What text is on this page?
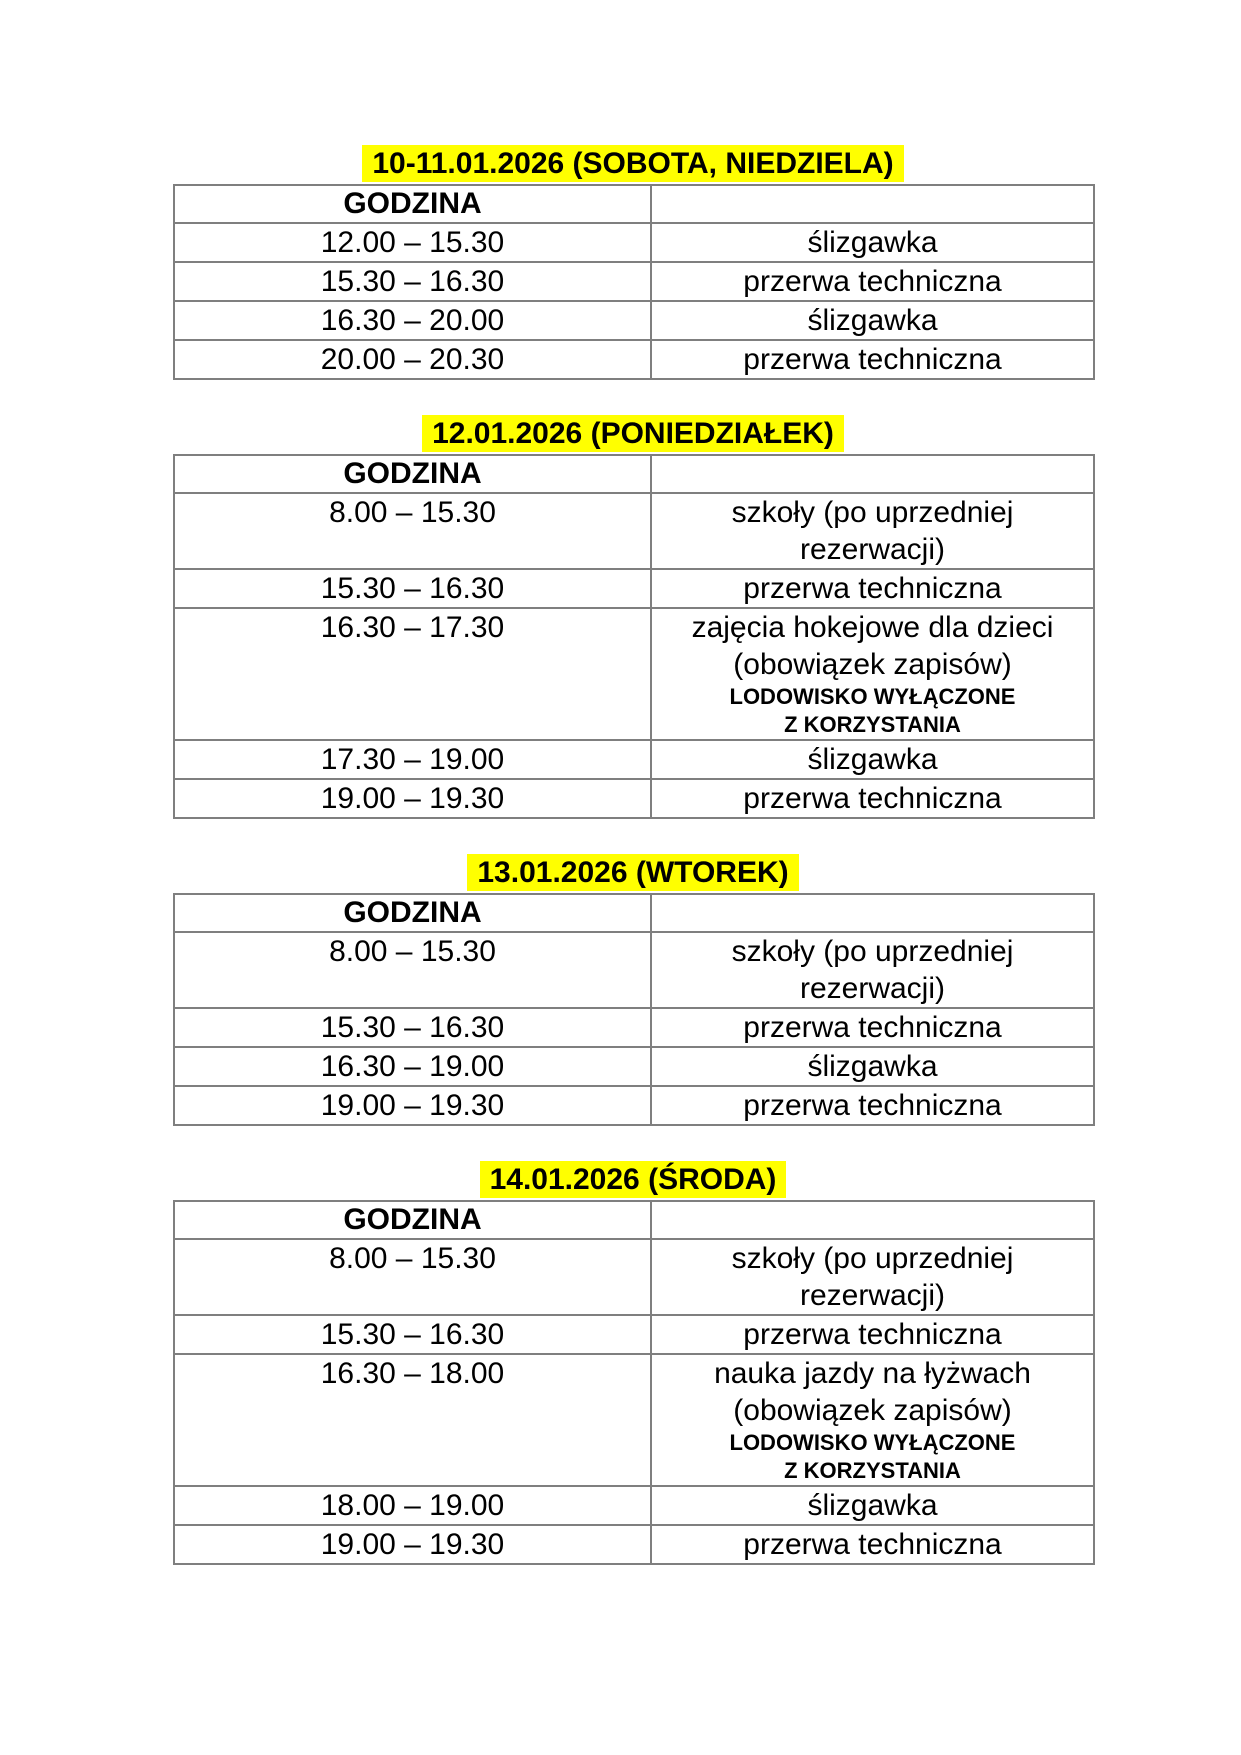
10-11.01.2026 (SOBOTA, NIEDZIELA)
GODZINA	
12.00 – 15.30	ślizgawka

15.30 – 16.30	przerwa techniczna

16.30 – 20.00	ślizgawka

20.00 – 20.30	przerwa techniczna
12.01.2026 (PONIEDZIAŁEK)
GODZINA	
8.00 – 15.30	szkoły (po uprzedniej
rezerwacji)

15.30 – 16.30	przerwa techniczna

16.30 – 17.30	zajęcia hokejowe dla dzieci
(obowiązek zapisów)
LODOWISKO WYŁĄCZONE
Z KORZYSTANIA

17.30 – 19.00	ślizgawka

19.00 – 19.30	przerwa techniczna
13.01.2026 (WTOREK)
GODZINA	
8.00 – 15.30	szkoły (po uprzedniej
rezerwacji)

15.30 – 16.30	przerwa techniczna

16.30 – 19.00	ślizgawka

19.00 – 19.30	przerwa techniczna
14.01.2026 (ŚRODA)
GODZINA	
8.00 – 15.30	szkoły (po uprzedniej
rezerwacji)

15.30 – 16.30	przerwa techniczna

16.30 – 18.00	nauka jazdy na łyżwach
(obowiązek zapisów)
LODOWISKO WYŁĄCZONE
Z KORZYSTANIA

18.00 – 19.00	ślizgawka

19.00 – 19.30	przerwa techniczna
